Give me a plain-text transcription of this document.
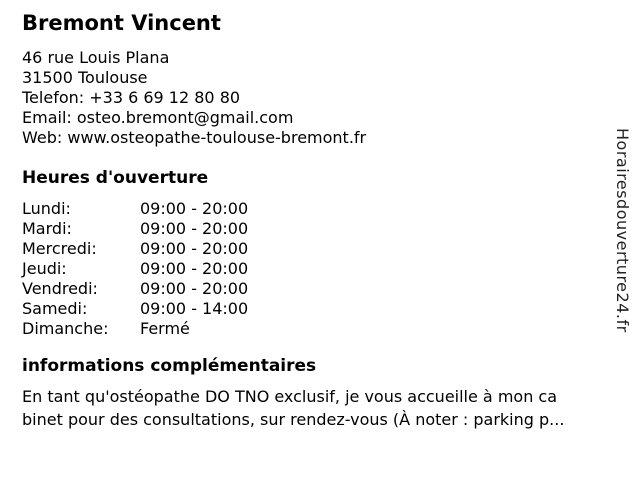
Bremont Vincent
46 rue Louis Plana
31500 Toulouse
Telefon: +33 6 69 12 80 80
Email: osteo.bremont@gmail.com
Web: www.osteopathe-toulouse-bremont.fr
Heures d'ouverture
Lundi:	09:00 - 20:00
Mardi:	09:00 - 20:00
Mercredi:	09:00 - 20:00
Jeudi:	09:00 - 20:00
Vendredi:	09:00 - 20:00
Samedi:	09:00 - 14:00
Dimanche: Fermé
informations complémentaires
En tant qu'ostéopathe DO TNO exclusif, je vous accueille à mon ca
binet pour des consultations, sur rendez-vous (À noter : parking p...
Horairesdouverture24.fr
